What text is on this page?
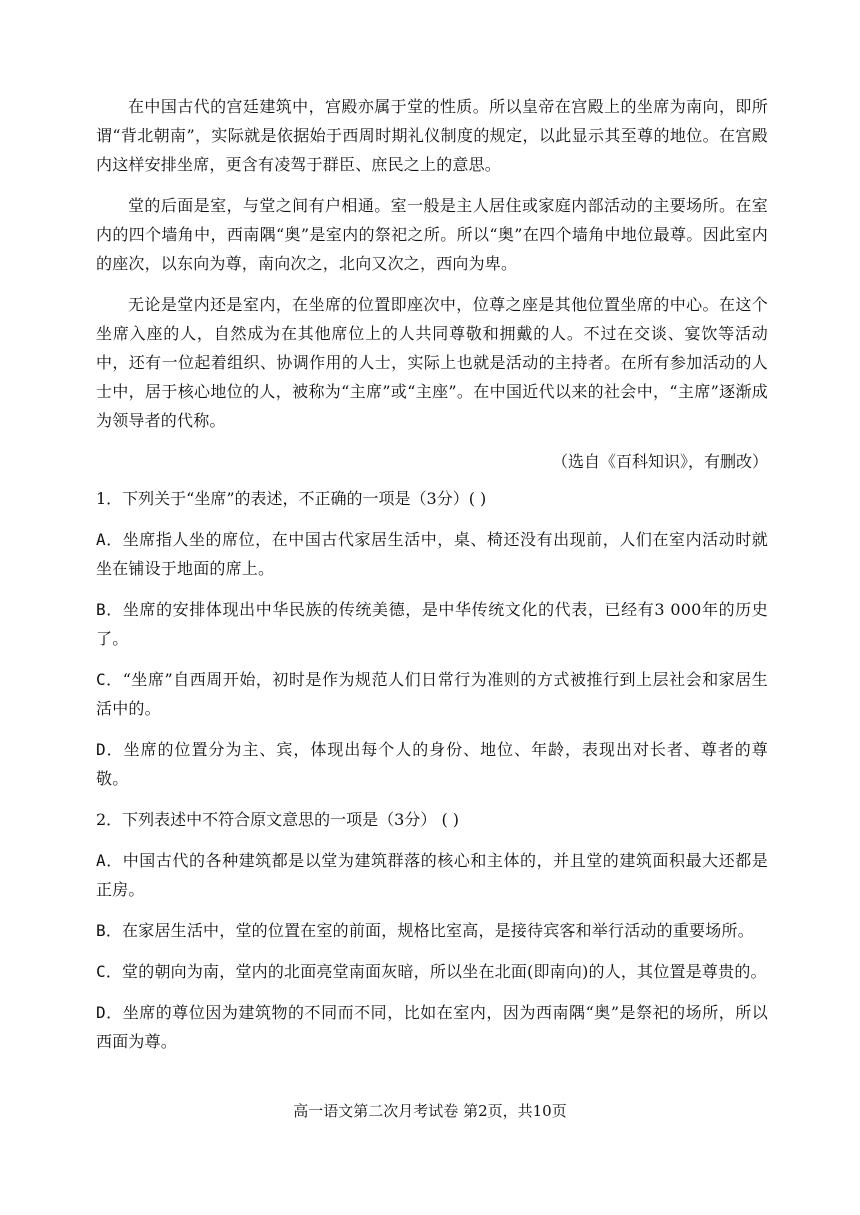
在中国古代的宫廷建筑中，宫殿亦属于堂的性质。所以皇帝在宫殿上的坐席为南向，即所谓“背北朝南”，实际就是依据始于西周时期礼仪制度的规定，以此显示其至尊的地位。在宫殿内这样安排坐席，更含有凌驾于群臣、庶民之上的意思。

堂的后面是室，与堂之间有户相通。室一般是主人居住或家庭内部活动的主要场所。在室内的四个墙角中，西南隅“奥”是室内的祭祀之所。所以“奥”在四个墙角中地位最尊。因此室内的座次，以东向为尊，南向次之，北向又次之，西向为卑。

无论是堂内还是室内，在坐席的位置即座次中，位尊之座是其他位置坐席的中心。在这个坐席入座的人，自然成为在其他席位上的人共同尊敬和拥戴的人。不过在交谈、宴饮等活动中，还有一位起着组织、协调作用的人士，实际上也就是活动的主持者。在所有参加活动的人士中，居于核心地位的人，被称为“主席”或“主座”。在中国近代以来的社会中，“主席”逐渐成为领导者的代称。

（选自《百科知识》，有删改）
1．下列关于“坐席”的表述，不正确的一项是（3分）( )
A．坐席指人坐的席位，在中国古代家居生活中，桌、椅还没有出现前，人们在室内活动时就坐在铺设于地面的席上。
B．坐席的安排体现出中华民族的传统美德，是中华传统文化的代表，已经有3 000年的历史了。
C．“坐席”自西周开始，初时是作为规范人们日常行为准则的方式被推行到上层社会和家居生活中的。
D．坐席的位置分为主、宾，体现出每个人的身份、地位、年龄，表现出对长者、尊者的尊敬。
2．下列表述中不符合原文意思的一项是（3分） ( )
A．中国古代的各种建筑都是以堂为建筑群落的核心和主体的，并且堂的建筑面积最大还都是正房。
B．在家居生活中，堂的位置在室的前面，规格比室高，是接待宾客和举行活动的重要场所。
C．堂的朝向为南，堂内的北面亮堂南面灰暗，所以坐在北面(即南向)的人，其位置是尊贵的。
D．坐席的尊位因为建筑物的不同而不同，比如在室内，因为西南隅“奥”是祭祀的场所，所以西面为尊。
高一语文第二次月考试卷 第2页，共10页
